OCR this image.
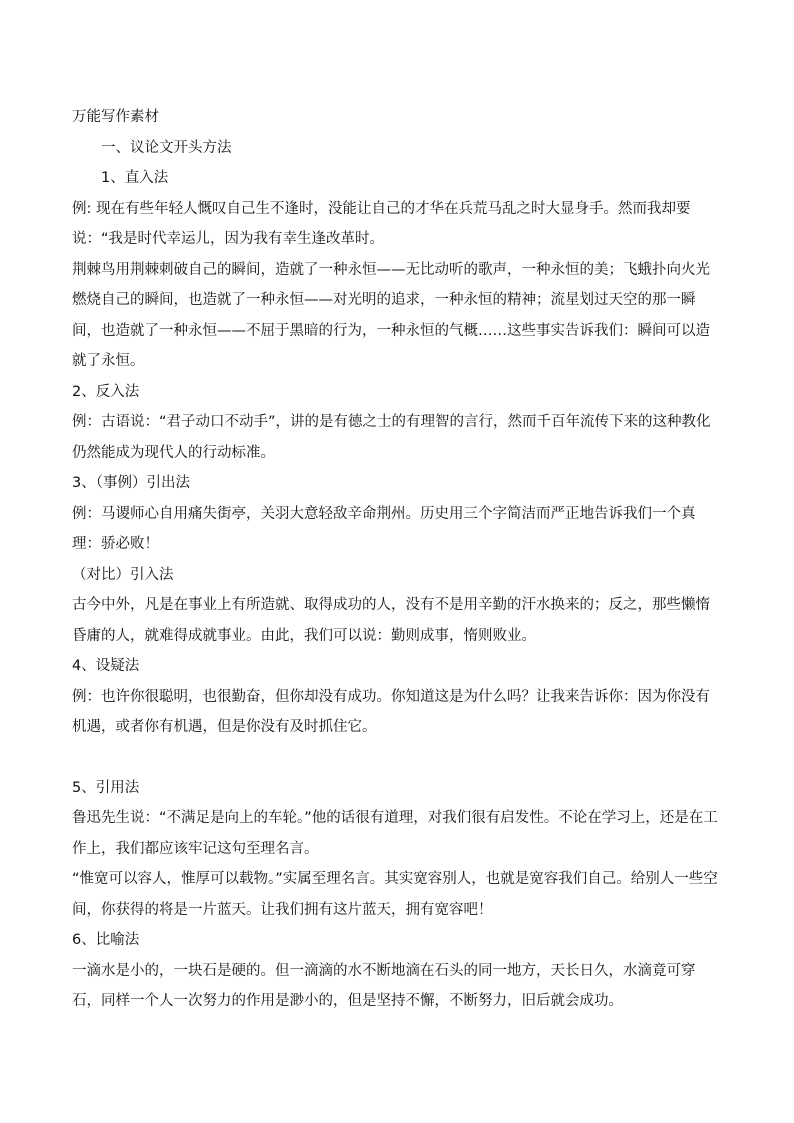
万能写作素材

一、议论文开头方法

1、直入法

例: 现在有些年轻人慨叹自己生不逢时，没能让自己的才华在兵荒马乱之时大显身手。然而我却要说：“我是时代幸运儿，因为我有幸生逢改革时。

荆棘鸟用荆棘刺破自己的瞬间，造就了一种永恒——无比动听的歌声，一种永恒的美；飞蛾扑向火光燃烧自己的瞬间，也造就了一种永恒——对光明的追求，一种永恒的精神；流星划过天空的那一瞬间，也造就了一种永恒——不屈于黑暗的行为，一种永恒的气概……这些事实告诉我们：瞬间可以造就了永恒。

2、反入法

例：古语说：“君子动口不动手”，讲的是有德之士的有理智的言行，然而千百年流传下来的这种教化仍然能成为现代人的行动标准。

3、（事例）引出法

例：马谡师心自用痛失街亭，关羽大意轻敌辛命荆州。历史用三个字简洁而严正地告诉我们一个真理：骄必败！

（对比）引入法

古今中外，凡是在事业上有所造就、取得成功的人，没有不是用辛勤的汗水换来的；反之，那些懒惰昏庸的人，就难得成就事业。由此，我们可以说：勤则成事，惰则败业。

4、设疑法

例：也许你很聪明，也很勤奋，但你却没有成功。你知道这是为什么吗？让我来告诉你：因为你没有机遇，或者你有机遇，但是你没有及时抓住它。

5、引用法

鲁迅先生说：“不满足是向上的车轮。”他的话很有道理，对我们很有启发性。不论在学习上，还是在工作上，我们都应该牢记这句至理名言。

“惟宽可以容人，惟厚可以载物。”实属至理名言。其实宽容别人，也就是宽容我们自己。给别人一些空间，你获得的将是一片蓝天。让我们拥有这片蓝天，拥有宽容吧！

6、比喻法

一滴水是小的，一块石是硬的。但一滴滴的水不断地滴在石头的同一地方，天长日久，水滴竟可穿石，同样一个人一次努力的作用是渺小的，但是坚持不懈，不断努力，旧后就会成功。
